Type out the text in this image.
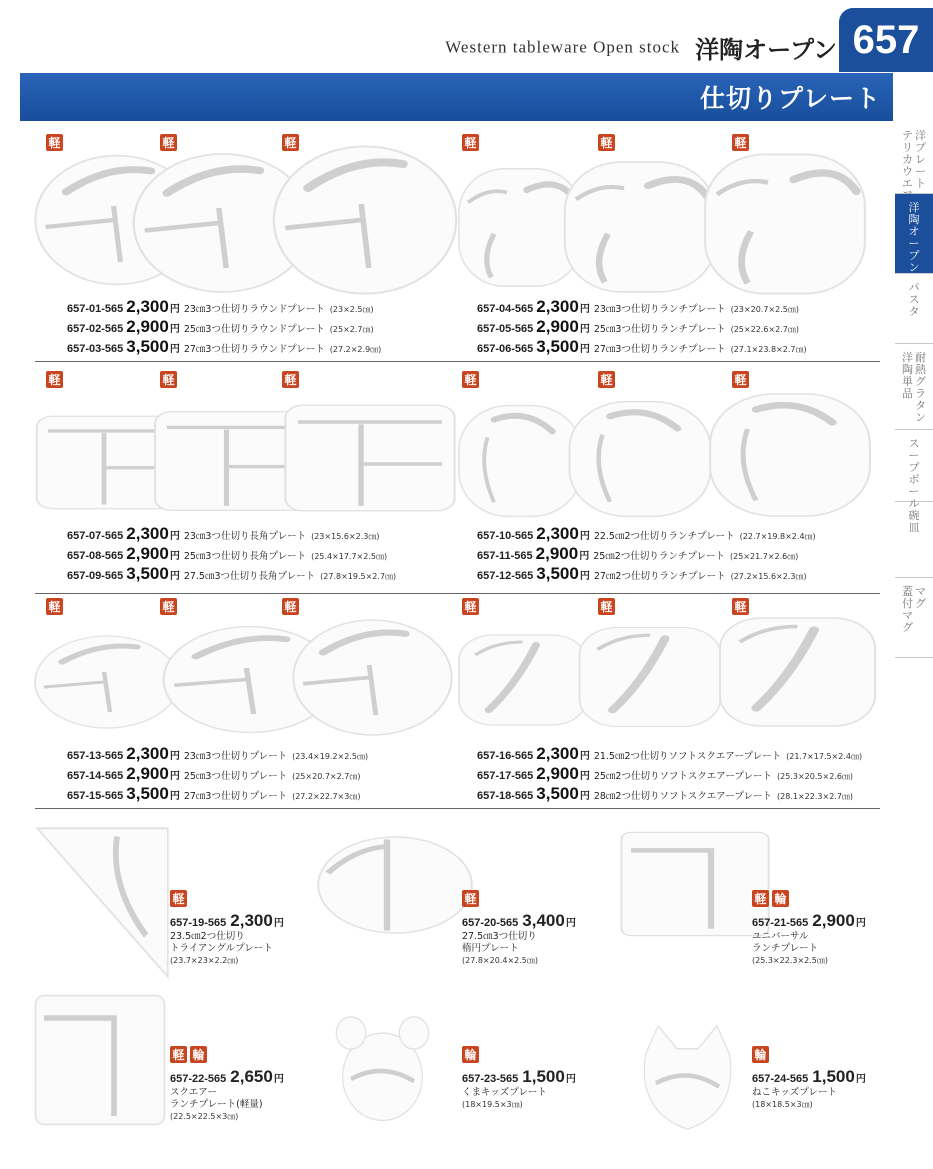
Western tableware Open stock 洋陶オープン 657
仕切りプレート
洋
プ
レ
ー
ト
テ
リ
カ
ウ
エ
洋
陶
オ
ー
プ
ン
パ
ス
タ
耐
熱
グ
ラ
タ
ン
洋
陶
単
品
ス
ー
プ
ボ
ー
ル
碗
皿
マ
グ
蓋
付
マ
グ
657-01-565 2,300 円 23㎝3つ仕切りラウンドプレート (23×2.5㎝)
657-02-565 2,900 円 25㎝3つ仕切りラウンドプレート (25×2.7㎝)
657-03-565 3,500 円 27㎝3つ仕切りラウンドプレート (27.2×2.9㎝)
657-04-565 2,300 円 23㎝3つ仕切りランチプレート (23×20.7×2.5㎝)
657-05-565 2,900 円 25㎝3つ仕切りランチプレート (25×22.6×2.7㎝)
657-06-565 3,500 円 27㎝3つ仕切りランチプレート (27.1×23.8×2.7㎝)
657-07-565 2,300 円 23㎝3つ仕切り長角プレート (23×15.6×2.3㎝)
657-08-565 2,900 円 25㎝3つ仕切り長角プレート (25.4×17.7×2.5㎝)
657-09-565 3,500 円 27.5㎝3つ仕切り長角プレート (27.8×19.5×2.7㎝)
657-10-565 2,300 円 22.5㎝2つ仕切りランチプレート (22.7×19.8×2.4㎝)
657-11-565 2,900 円 25㎝2つ仕切りランチプレート (25×21.7×2.6㎝)
657-12-565 3,500 円 27㎝2つ仕切りランチプレート (27.2×15.6×2.3㎝)
657-13-565 2,300 円 23㎝3つ仕切りプレート (23.4×19.2×2.5㎝)
657-14-565 2,900 円 25㎝3つ仕切りプレート (25×20.7×2.7㎝)
657-15-565 3,500 円 27㎝3つ仕切りプレート (27.2×22.7×3㎝)
657-16-565 2,300 円 21.5㎝2つ仕切りソフトスクエアープレート (21.7×17.5×2.4㎝)
657-17-565 2,900 円 25㎝2つ仕切りソフトスクエアープレート (25.3×20.5×2.6㎝)
657-18-565 3,500 円 28㎝2つ仕切りソフトスクエアープレート (28.1×22.3×2.7㎝)
軽
657-19-565 2,300 円
23.5㎝2つ仕切り
トライアングルプレート
(23.7×23×2.2㎝)
軽
657-20-565 3,400 円
27.5㎝3つ仕切り
楕円プレート
(27.8×20.4×2.5㎝)
軽 輪
657-21-565 2,900 円
ユニバーサル
ランチプレート
(25.3×22.3×2.5㎝)
軽 輪
657-22-565 2,650 円
スクエアー
ランチプレート(軽量)
(22.5×22.5×3㎝)
輪
657-23-565 1,500 円
くまキッズプレート
(18×19.5×3㎝)
輪
657-24-565 1,500 円
ねこキッズプレート
(18×18.5×3㎝)
軽	軽	軽	軽	軽	軽
軽	軽	軽	軽	軽	軽
軽	軽	軽	軽	軽	軽
